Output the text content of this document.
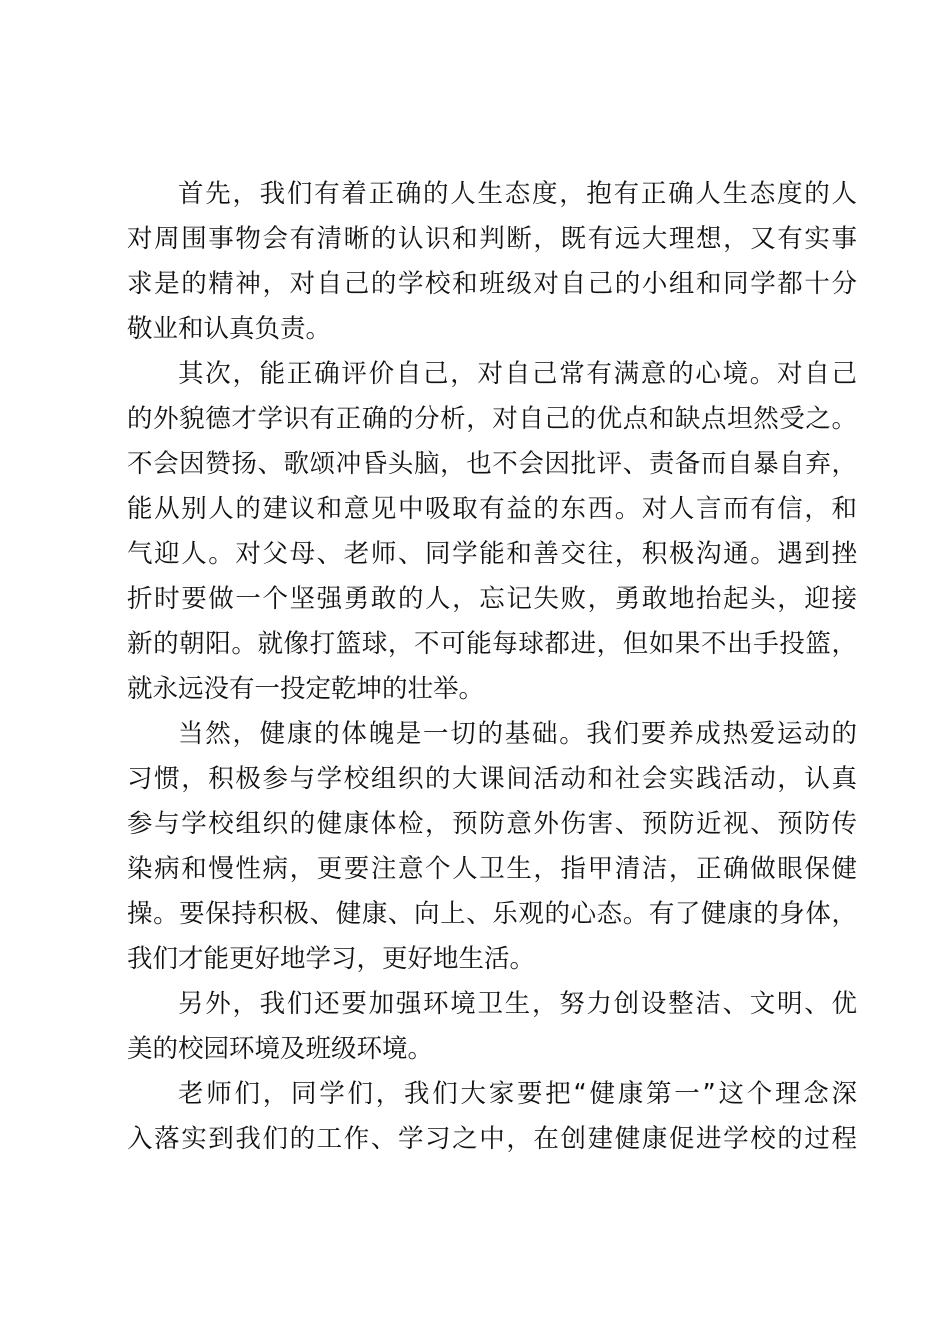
首先，我们有着正确的人生态度，抱有正确人生态度的人
对周围事物会有清晰的认识和判断，既有远大理想，又有实事
求是的精神，对自己的学校和班级对自己的小组和同学都十分
敬业和认真负责。
其次，能正确评价自己，对自己常有满意的心境。对自己
的外貌德才学识有正确的分析，对自己的优点和缺点坦然受之。
不会因赞扬、歌颂冲昏头脑，也不会因批评、责备而自暴自弃，
能从别人的建议和意见中吸取有益的东西。对人言而有信，和
气迎人。对父母、老师、同学能和善交往，积极沟通。遇到挫
折时要做一个坚强勇敢的人，忘记失败，勇敢地抬起头，迎接
新的朝阳。就像打篮球，不可能每球都进，但如果不出手投篮，
就永远没有一投定乾坤的壮举。
当然，健康的体魄是一切的基础。我们要养成热爱运动的
习惯，积极参与学校组织的大课间活动和社会实践活动，认真
参与学校组织的健康体检，预防意外伤害、预防近视、预防传
染病和慢性病，更要注意个人卫生，指甲清洁，正确做眼保健
操。要保持积极、健康、向上、乐观的心态。有了健康的身体，
我们才能更好地学习，更好地生活。
另外，我们还要加强环境卫生，努力创设整洁、文明、优
美的校园环境及班级环境。
老师们，同学们，我们大家要把“健康第一”这个理念深
入落实到我们的工作、学习之中，在创建健康促进学校的过程
